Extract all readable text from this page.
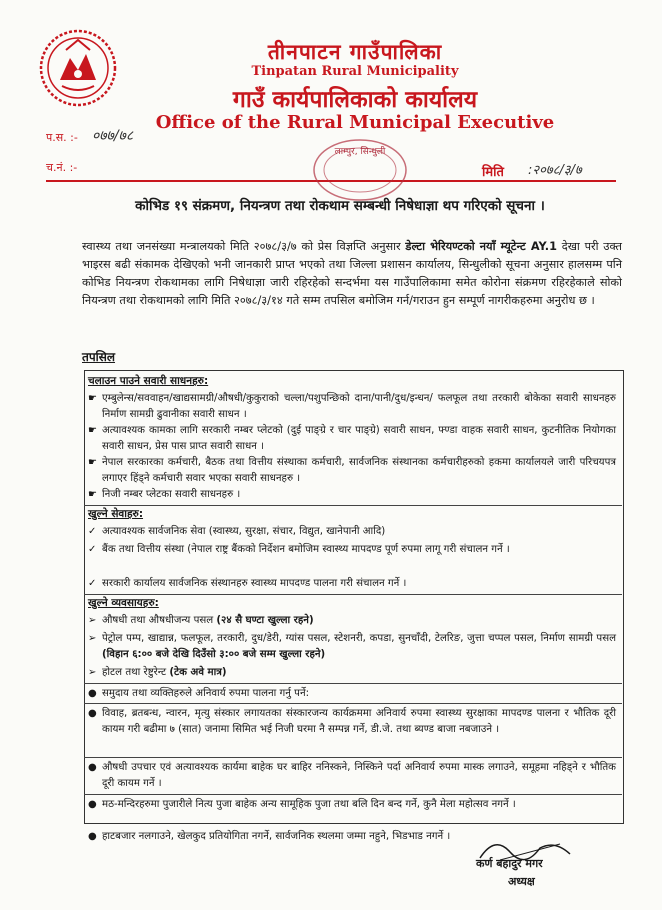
तीनपाटन गाउँपालिका
Tinpatan Rural Municipality
गाउँ कार्यपालिकाको कार्यालय
Office of the Rural Municipal Executive
प.स. :- ०७७/७८
च.नं. :-	मिति :२०७८/३/७
लाम्पुर, सिन्धुली
कोभिड १९ संक्रमण, नियन्त्रण तथा रोकथाम सम्बन्धी निषेधाज्ञा थप गरिएको सूचना ।
स्वास्थ्य तथा जनसंख्या मन्त्रालयको मिति २०७८/३/७ को प्रेस विज्ञप्ति अनुसार डेल्टा भेरियण्टको नयाँ म्यूटेन्ट AY.1 देखा परी उक्त भाइरस बढी संकामक देखिएको भनी जानकारी प्राप्त भएको तथा जिल्ला प्रशासन कार्यालय, सिन्धुलीको सूचना अनुसार हालसम्म पनि कोभिड नियन्त्रण रोकथामका लागि निषेधाज्ञा जारी रहिरहेको सन्दर्भमा यस गाउँपालिकामा समेत कोरोना संक्रमण रहिरहेकाले सोको नियन्त्रण तथा रोकथामको लागि मिति २०७८/३/१४ गते सम्म तपसिल बमोजिम गर्न/गराउन हुन सम्पूर्ण नागरीकहरुमा अनुरोध छ ।
तपसिल
चलाउन पाउने सवारी साधनहरु:
☛ एम्बुलेन्स/सववाहन/खाद्यसामग्री/औषधी/कुकुराको चल्ला/पशुपन्छिको दाना/पानी/दुध/इन्धन/ फलफूल तथा तरकारी बोकेका सवारी साधनहरु निर्माण सामग्री ढुवानीका सवारी साधन ।
☛ अत्यावश्यक कामका लागि सरकारी नम्बर प्लेटको (दुई पाङ्ग्रे र चार पाङ्ग्रे) सवारी साधन, फ्ण्डा वाहक सवारी साधन, कुटनीतिक नियोगका सवारी साधन, प्रेस पास प्राप्त सवारी साधन ।
☛ नेपाल सरकारका कर्मचारी, बैठक तथा वित्तीय संस्थाका कर्मचारी, सार्वजनिक संस्थानका कर्मचारीहरुको हकमा कार्यालयले जारी परिचयपत्र लगाएर हिंड्ने कर्मचारी सवार भएका सवारी साधनहरु ।
☛ निजी नम्बर प्लेटका सवारी साधनहरु ।
खुल्ने सेवाहरु:
✓ अत्यावश्यक सार्वजनिक सेवा (स्वास्थ्य, सुरक्षा, संचार, विद्युत, खानेपानी आदि)
✓ बैंक तथा वित्तीय संस्था (नेपाल राष्ट्र बैंकको निर्देशन बमोजिम स्वास्थ्य मापदण्ड पूर्ण रुपमा लागू गरी संचालन गर्ने ।
✓ सरकारी कार्यालय सार्वजनिक संस्थानहरु स्वास्थ्य मापदण्ड पालना गरी संचालन गर्ने ।
खुल्ने व्यवसायहरु:
➢ औषधी तथा औषधीजन्य पसल (२४ सै घण्टा खुल्ला रहने)
➢ पेट्रोल पम्प, खाद्यान्न, फलफूल, तरकारी, दुध/डेरी, ग्यांस पसल, स्टेशनरी, कपडा, सुनचाँदी, टेलरिङ, जुत्ता चप्पल पसल, निर्माण सामग्री पसल (विहान ६:०० बजे देखि दिउँसो ३:०० बजे सम्म खुल्ला रहने)
➢ होटल तथा रेष्टुरेन्ट (टेक अवे मात्र)
● समुदाय तथा व्यक्तिहरुले अनिवार्य रुपमा पालना गर्नु पर्ने:
● विवाह, ब्रतबन्ध, न्वारन, मृत्यु संस्कार लगायतका संस्कारजन्य कार्यक्रममा अनिवार्य रुपमा स्वास्थ्य सुरक्षाका मापदण्ड पालना र भौतिक दूरी कायम गरी बढीमा ७ (सात) जनामा सिमित भई निजी घरमा नै सम्पन्न गर्ने, डी.जे. तथा ब्यण्ड बाजा नबजाउने ।
● औषधी उपचार एवं अत्यावश्यक कार्यमा बाहेक घर बाहिर ननिस्कने, निस्किने पर्दा अनिवार्य रुपमा मास्क लगाउने, समूहमा नहिड्ने र भौतिक दूरी कायम गर्ने ।
● मठ-मन्दिरहरुमा पुजारीले नित्य पुजा बाहेक अन्य सामूहिक पुजा तथा बलि दिन बन्द गर्ने, कुनै मेला महोत्सव नगर्ने ।
● हाटबजार नलगाउने, खेलकुद प्रतियोगिता नगर्ने, सार्वजनिक स्थलमा जम्मा नहुने, भिडभाड नगर्ने ।
कर्ण बहादुर मगर
अध्यक्ष
